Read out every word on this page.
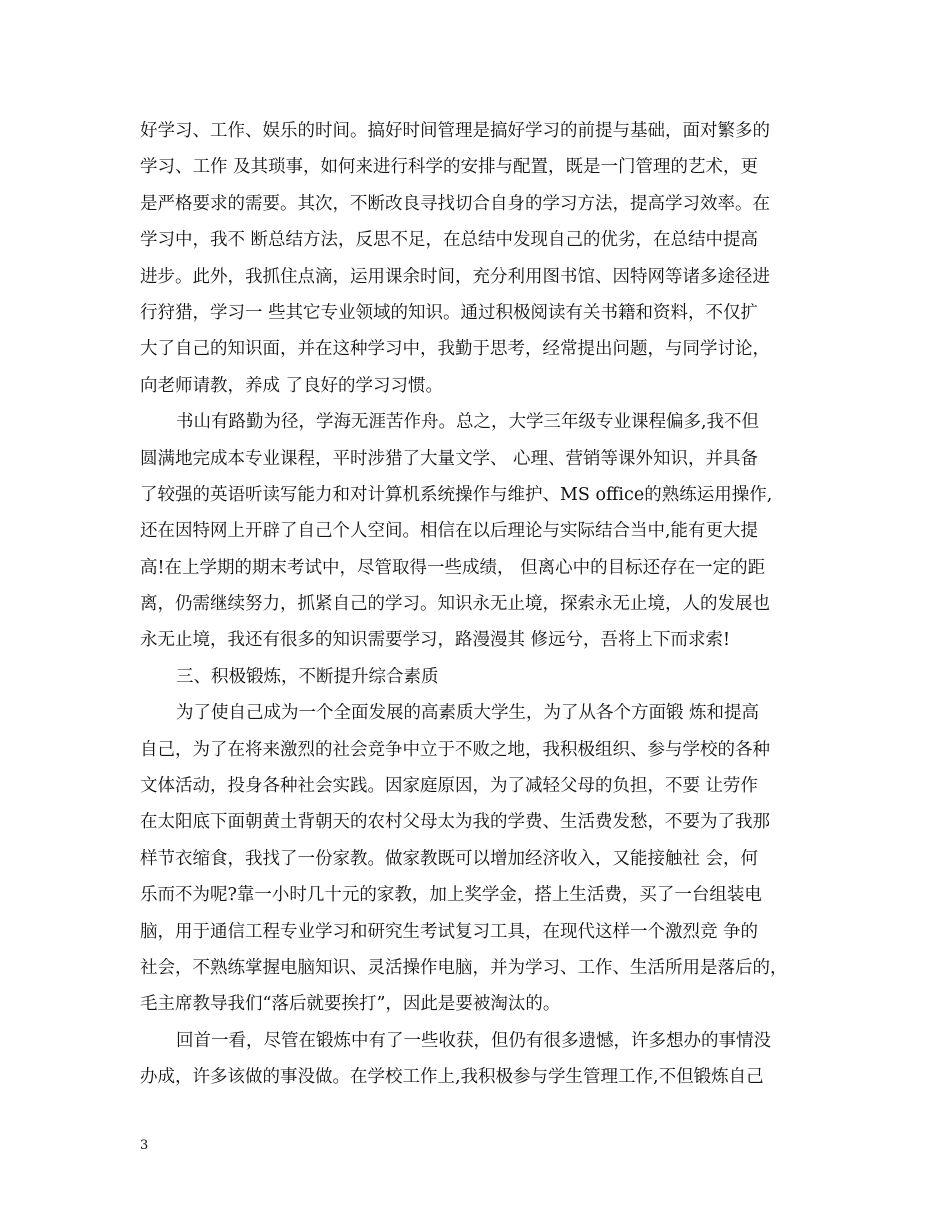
好学习、工作、娱乐的时间。搞好时间管理是搞好学习的前提与基础，面对繁多的
学习、工作 及其琐事，如何来进行科学的安排与配置，既是一门管理的艺术，更
是严格要求的需要。其次，不断改良寻找切合自身的学习方法，提高学习效率。在
学习中，我不 断总结方法，反思不足，在总结中发现自己的优劣，在总结中提高
进步。此外，我抓住点滴，运用课余时间，充分利用图书馆、因特网等诸多途径进
行狩猎，学习一 些其它专业领域的知识。通过积极阅读有关书籍和资料，不仅扩
大了自己的知识面，并在这种学习中，我勤于思考，经常提出问题，与同学讨论，
向老师请教，养成 了良好的学习习惯。
书山有路勤为径，学海无涯苦作舟。总之，大学三年级专业课程偏多,我不但
圆满地完成本专业课程，平时涉猎了大量文学、 心理、营销等课外知识，并具备
了较强的英语听读写能力和对计算机系统操作与维护、MS office的熟练运用操作,
还在因特网上开辟了自己个人空间。相信在以后理论与实际结合当中,能有更大提
高!在上学期的期末考试中，尽管取得一些成绩， 但离心中的目标还存在一定的距
离，仍需继续努力，抓紧自己的学习。知识永无止境，探索永无止境，人的发展也
永无止境，我还有很多的知识需要学习，路漫漫其 修远兮，吾将上下而求索!
三、积极锻炼，不断提升综合素质
为了使自己成为一个全面发展的高素质大学生，为了从各个方面锻 炼和提高
自己，为了在将来激烈的社会竞争中立于不败之地，我积极组织、参与学校的各种
文体活动，投身各种社会实践。因家庭原因，为了减轻父母的负担，不要 让劳作
在太阳底下面朝黄土背朝天的农村父母太为我的学费、生活费发愁，不要为了我那
样节衣缩食，我找了一份家教。做家教既可以增加经济收入，又能接触社 会，何
乐而不为呢?靠一小时几十元的家教，加上奖学金，搭上生活费，买了一台组装电
脑，用于通信工程专业学习和研究生考试复习工具，在现代这样一个激烈竞 争的
社会，不熟练掌握电脑知识、灵活操作电脑，并为学习、工作、生活所用是落后的，
毛主席教导我们“落后就要挨打”，因此是要被淘汰的。
回首一看，尽管在锻炼中有了一些收获，但仍有很多遗憾，许多想办的事情没
办成，许多该做的事没做。在学校工作上,我积极参与学生管理工作,不但锻炼自己
3
